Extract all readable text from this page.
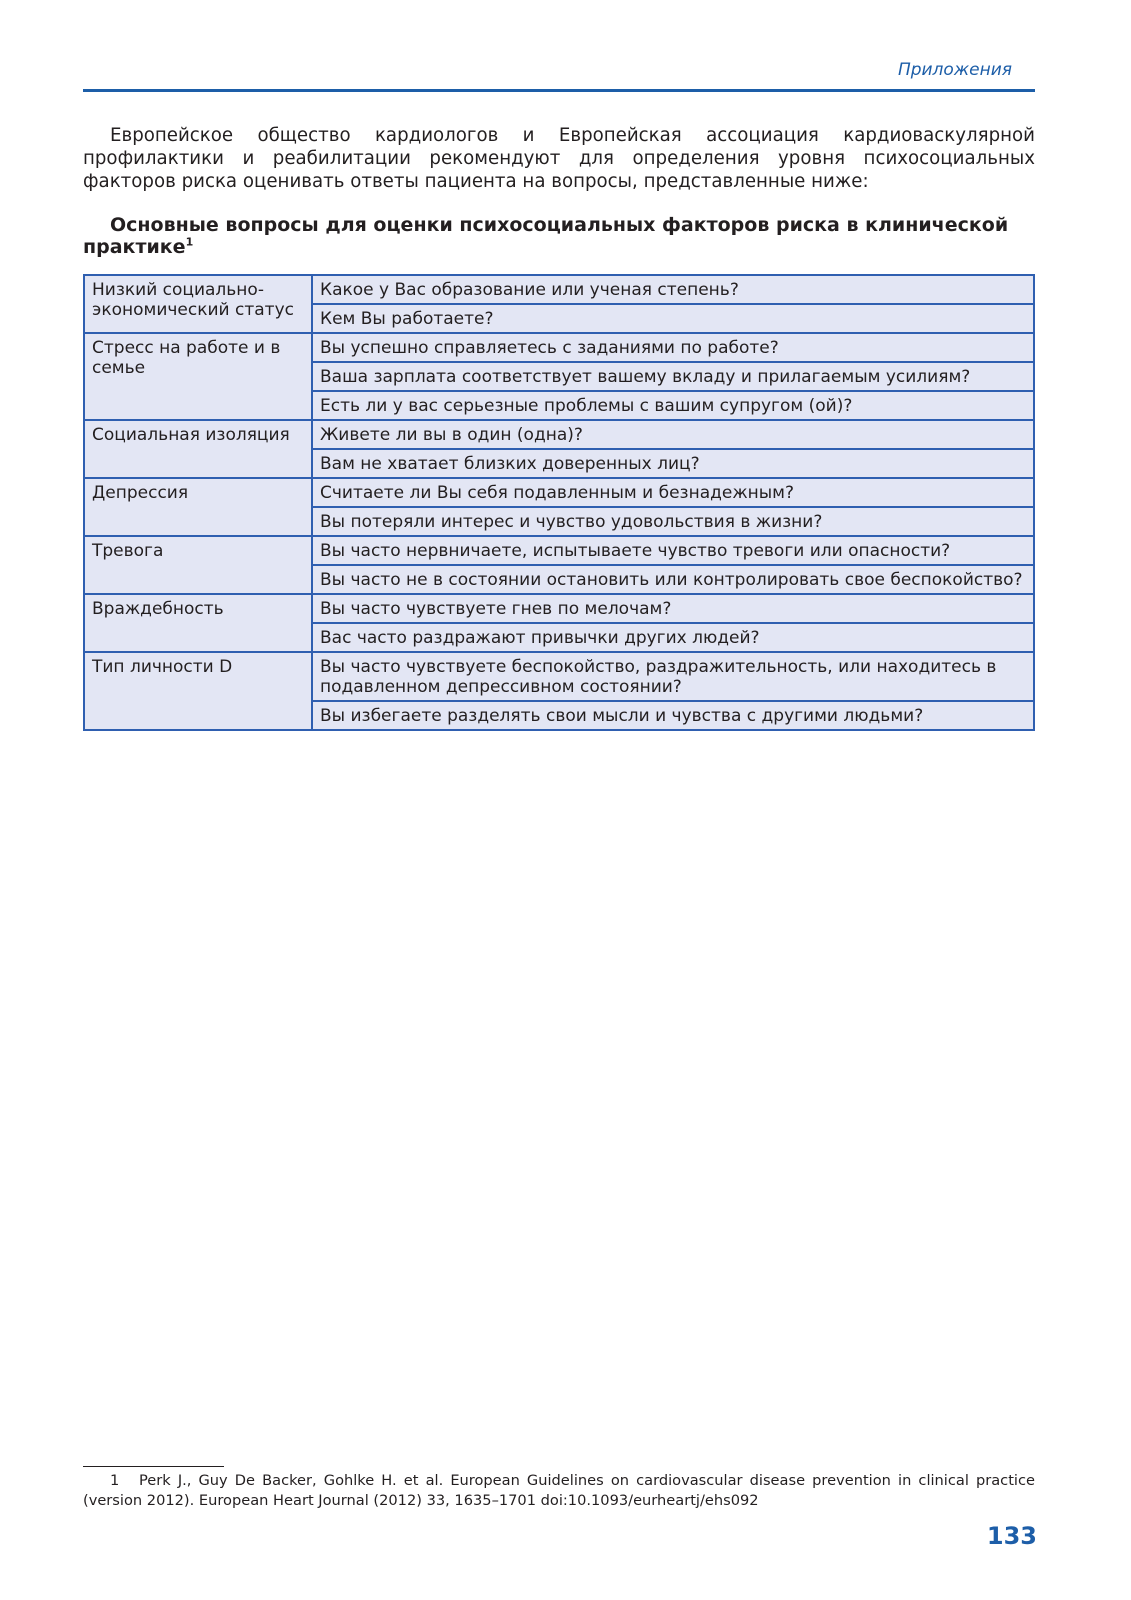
Приложения

Европейское общество кардиологов и Европейская ассоциация кардиоваскулярной профилактики и реабилитации рекомендуют для определения уровня психосоциальных факторов риска оценивать ответы пациента на вопросы, представленные ниже:

Основные вопросы для оценки психосоциальных факторов риска в клинической практике$^1$

Низкий социально-экономический статус	Какое у Вас образование или ученая степень?
	Кем Вы работаете?
Стресс на работе и в семье	Вы успешно справляетесь с заданиями по работе?
	Ваша зарплата соответствует вашему вкладу и прилагаемым усилиям?
	Есть ли у вас серьезные проблемы с вашим супругом (ой)?
Социальная изоляция	Живете ли вы в один (одна)?
	Вам не хватает близких доверенных лиц?
Депрессия	Считаете ли Вы себя подавленным и безнадежным?
	Вы потеряли интерес и чувство удовольствия в жизни?
Тревога	Вы часто нервничаете, испытываете чувство тревоги или опасности?
	Вы часто не в состоянии остановить или контролировать свое беспокойство?
Враждебность	Вы часто чувствуете гнев по мелочам?
	Вас часто раздражают привычки других людей?
Тип личности D	Вы часто чувствуете беспокойство, раздражительность, или находитесь в подавленном депрессивном состоянии?
	Вы избегаете разделять свои мысли и чувства с другими людьми?
1 Perk J., Guy De Backer, Gohlke H. et al. European Guidelines on cardiovascular disease prevention in clinical practice (version 2012). European Heart Journal (2012) 33, 1635–1701 doi:10.1093/eurheartj/ehs092
133
